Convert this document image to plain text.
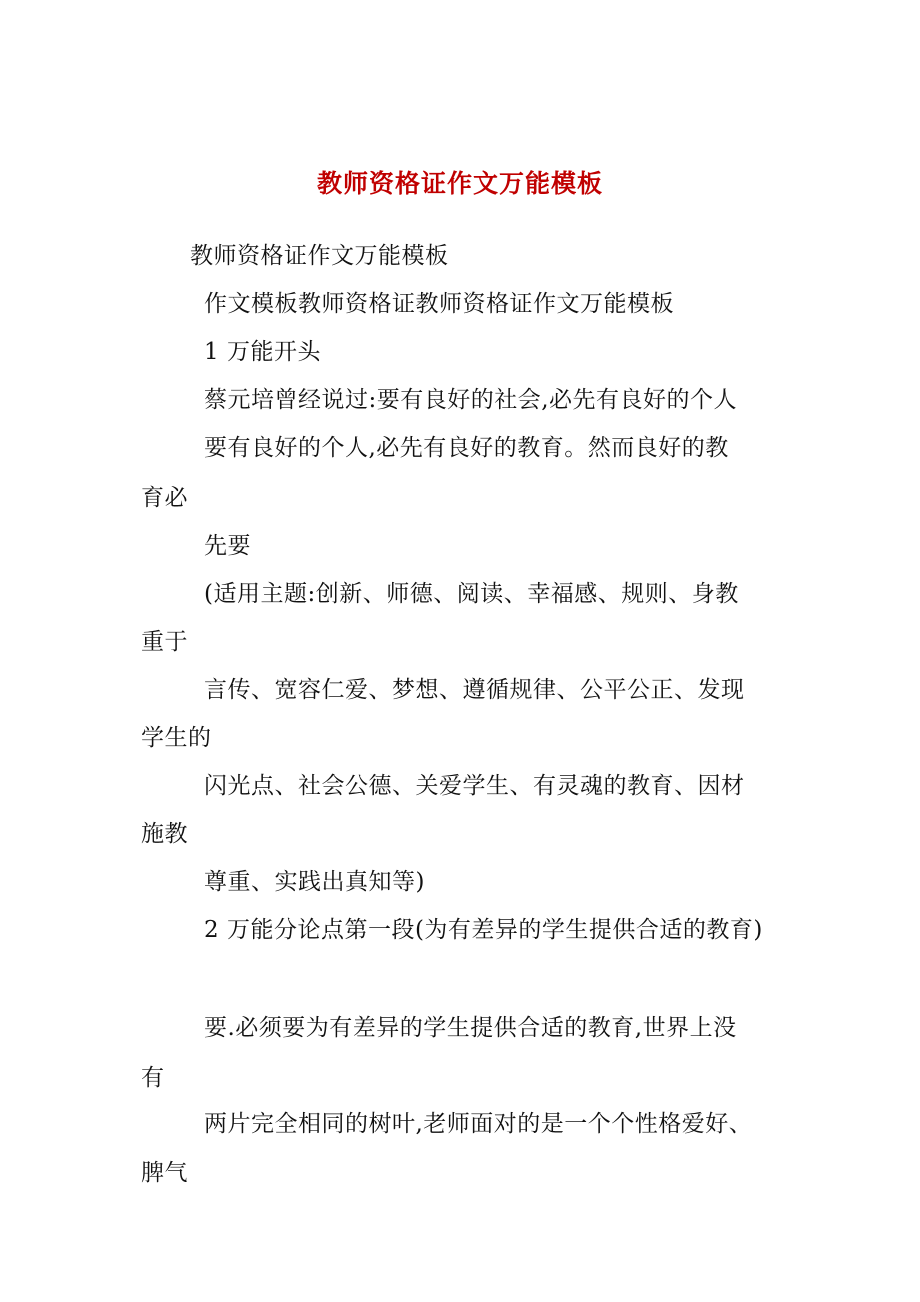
教师资格证作文万能模板
教师资格证作文万能模板
作文模板教师资格证教师资格证作文万能模板
1 万能开头
蔡元培曾经说过:要有良好的社会,必先有良好的个人
要有良好的个人,必先有良好的教育。然而良好的教
育必
先要
(适用主题:创新、师德、阅读、幸福感、规则、身教
重于
言传、宽容仁爱、梦想、遵循规律、公平公正、发现
学生的
闪光点、社会公德、关爱学生、有灵魂的教育、因材
施教
尊重、实践出真知等)
2 万能分论点第一段(为有差异的学生提供合适的教育)
要.必须要为有差异的学生提供合适的教育,世界上没
有
两片完全相同的树叶,老师面对的是一个个性格爱好、
脾气
